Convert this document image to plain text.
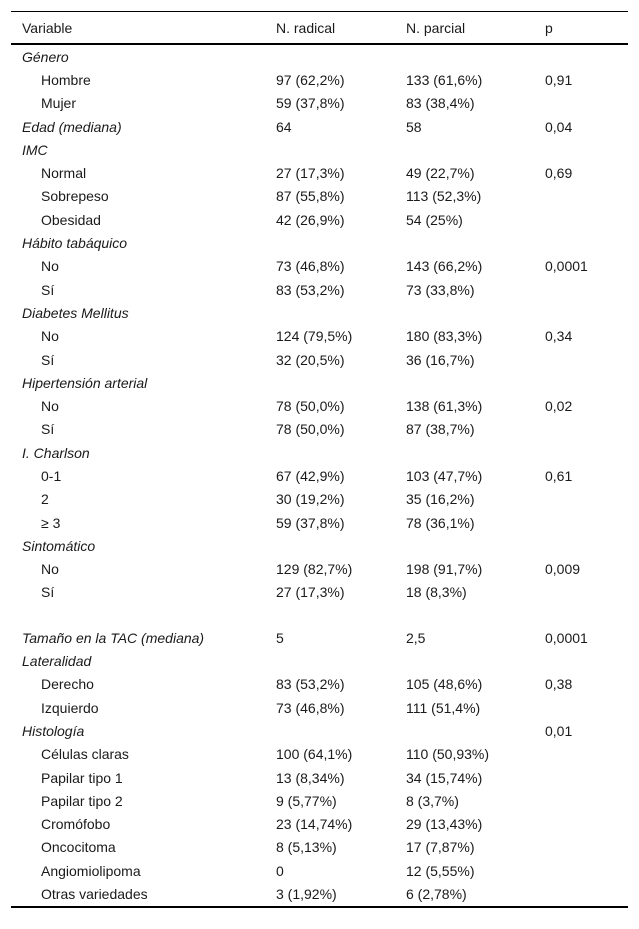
Variable	N. radical	N. parcial	p
Género			
Hombre	97 (62,2%)	133 (61,6%)	0,91
Mujer	59 (37,8%)	83 (38,4%)	
Edad (mediana)	64	58	0,04
IMC			
Normal	27 (17,3%)	49 (22,7%)	0,69
Sobrepeso	87 (55,8%)	113 (52,3%)	
Obesidad	42 (26,9%)	54 (25%)	
Hábito tabáquico			
No	73 (46,8%)	143 (66,2%)	0,0001
Sí	83 (53,2%)	73 (33,8%)	
Diabetes Mellitus			
No	124 (79,5%)	180 (83,3%)	0,34
Sí	32 (20,5%)	36 (16,7%)	
Hipertensión arterial			
No	78 (50,0%)	138 (61,3%)	0,02
Sí	78 (50,0%)	87 (38,7%)	
I. Charlson			
0-1	67 (42,9%)	103 (47,7%)	0,61
2	30 (19,2%)	35 (16,2%)	
≥ 3	59 (37,8%)	78 (36,1%)	
Sintomático			
No	129 (82,7%)	198 (91,7%)	0,009
Sí	27 (17,3%)	18 (8,3%)	

Tamaño en la TAC (mediana)	5	2,5	0,0001
Lateralidad			
Derecho	83 (53,2%)	105 (48,6%)	0,38
Izquierdo	73 (46,8%)	111 (51,4%)	
Histología			0,01
Células claras	100 (64,1%)	110 (50,93%)	
Papilar tipo 1	13 (8,34%)	34 (15,74%)	
Papilar tipo 2	9 (5,77%)	8 (3,7%)	
Cromófobo	23 (14,74%)	29 (13,43%)	
Oncocitoma	8 (5,13%)	17 (7,87%)	
Angiomiolipoma	0	12 (5,55%)	
Otras variedades	3 (1,92%)	6 (2,78%)	
